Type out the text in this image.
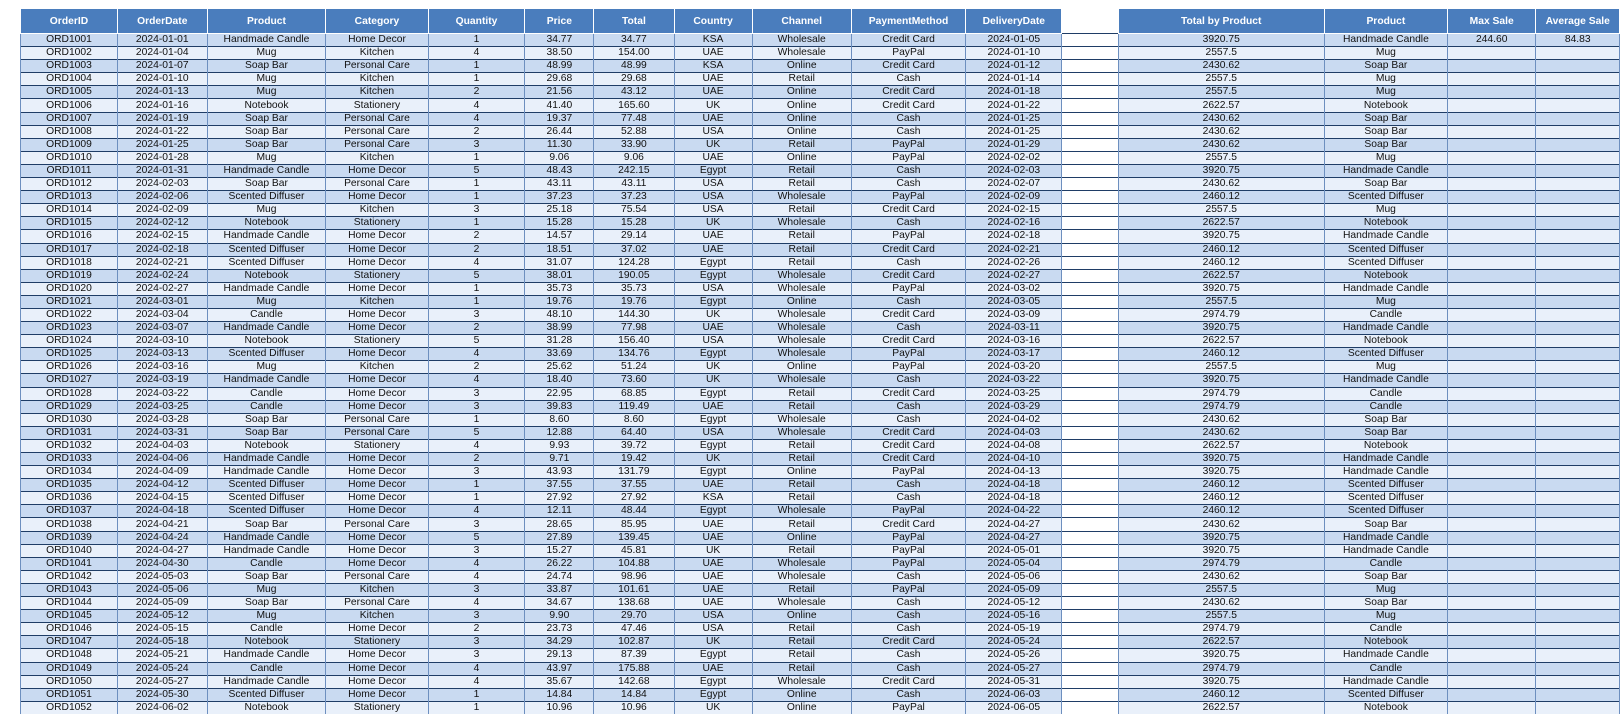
OrderID	OrderDate	Product	Category	Quantity	Price	Total	Country	Channel	PaymentMethod	DeliveryDate		Total by Product	Product	Max Sale	Average Sale
ORD1001	2024-01-01	Handmade Candle	Home Decor	1	34.77	34.77	KSA	Wholesale	Credit Card	2024-01-05		3920.75	Handmade Candle	244.60	84.83
ORD1002	2024-01-04	Mug	Kitchen	4	38.50	154.00	UAE	Wholesale	PayPal	2024-01-10		2557.5	Mug		
ORD1003	2024-01-07	Soap Bar	Personal Care	1	48.99	48.99	KSA	Online	Credit Card	2024-01-12		2430.62	Soap Bar		
ORD1004	2024-01-10	Mug	Kitchen	1	29.68	29.68	UAE	Retail	Cash	2024-01-14		2557.5	Mug		
ORD1005	2024-01-13	Mug	Kitchen	2	21.56	43.12	UAE	Online	Credit Card	2024-01-18		2557.5	Mug		
ORD1006	2024-01-16	Notebook	Stationery	4	41.40	165.60	UK	Online	Credit Card	2024-01-22		2622.57	Notebook		
ORD1007	2024-01-19	Soap Bar	Personal Care	4	19.37	77.48	UAE	Online	Cash	2024-01-25		2430.62	Soap Bar		
ORD1008	2024-01-22	Soap Bar	Personal Care	2	26.44	52.88	USA	Online	Cash	2024-01-25		2430.62	Soap Bar		
ORD1009	2024-01-25	Soap Bar	Personal Care	3	11.30	33.90	UK	Retail	PayPal	2024-01-29		2430.62	Soap Bar		
ORD1010	2024-01-28	Mug	Kitchen	1	9.06	9.06	UAE	Online	PayPal	2024-02-02		2557.5	Mug		
ORD1011	2024-01-31	Handmade Candle	Home Decor	5	48.43	242.15	Egypt	Retail	Cash	2024-02-03		3920.75	Handmade Candle		
ORD1012	2024-02-03	Soap Bar	Personal Care	1	43.11	43.11	USA	Retail	Cash	2024-02-07		2430.62	Soap Bar		
ORD1013	2024-02-06	Scented Diffuser	Home Decor	1	37.23	37.23	USA	Wholesale	PayPal	2024-02-09		2460.12	Scented Diffuser		
ORD1014	2024-02-09	Mug	Kitchen	3	25.18	75.54	USA	Retail	Credit Card	2024-02-15		2557.5	Mug		
ORD1015	2024-02-12	Notebook	Stationery	1	15.28	15.28	UK	Wholesale	Cash	2024-02-16		2622.57	Notebook		
ORD1016	2024-02-15	Handmade Candle	Home Decor	2	14.57	29.14	UAE	Retail	PayPal	2024-02-18		3920.75	Handmade Candle		
ORD1017	2024-02-18	Scented Diffuser	Home Decor	2	18.51	37.02	UAE	Retail	Credit Card	2024-02-21		2460.12	Scented Diffuser		
ORD1018	2024-02-21	Scented Diffuser	Home Decor	4	31.07	124.28	Egypt	Retail	Cash	2024-02-26		2460.12	Scented Diffuser		
ORD1019	2024-02-24	Notebook	Stationery	5	38.01	190.05	Egypt	Wholesale	Credit Card	2024-02-27		2622.57	Notebook		
ORD1020	2024-02-27	Handmade Candle	Home Decor	1	35.73	35.73	USA	Wholesale	PayPal	2024-03-02		3920.75	Handmade Candle		
ORD1021	2024-03-01	Mug	Kitchen	1	19.76	19.76	Egypt	Online	Cash	2024-03-05		2557.5	Mug		
ORD1022	2024-03-04	Candle	Home Decor	3	48.10	144.30	UK	Wholesale	Credit Card	2024-03-09		2974.79	Candle		
ORD1023	2024-03-07	Handmade Candle	Home Decor	2	38.99	77.98	UAE	Wholesale	Cash	2024-03-11		3920.75	Handmade Candle		
ORD1024	2024-03-10	Notebook	Stationery	5	31.28	156.40	USA	Wholesale	Credit Card	2024-03-16		2622.57	Notebook		
ORD1025	2024-03-13	Scented Diffuser	Home Decor	4	33.69	134.76	Egypt	Wholesale	PayPal	2024-03-17		2460.12	Scented Diffuser		
ORD1026	2024-03-16	Mug	Kitchen	2	25.62	51.24	UK	Online	PayPal	2024-03-20		2557.5	Mug		
ORD1027	2024-03-19	Handmade Candle	Home Decor	4	18.40	73.60	UK	Wholesale	Cash	2024-03-22		3920.75	Handmade Candle		
ORD1028	2024-03-22	Candle	Home Decor	3	22.95	68.85	Egypt	Retail	Credit Card	2024-03-25		2974.79	Candle		
ORD1029	2024-03-25	Candle	Home Decor	3	39.83	119.49	UAE	Retail	Cash	2024-03-29		2974.79	Candle		
ORD1030	2024-03-28	Soap Bar	Personal Care	1	8.60	8.60	Egypt	Wholesale	Cash	2024-04-02		2430.62	Soap Bar		
ORD1031	2024-03-31	Soap Bar	Personal Care	5	12.88	64.40	USA	Wholesale	Credit Card	2024-04-03		2430.62	Soap Bar		
ORD1032	2024-04-03	Notebook	Stationery	4	9.93	39.72	Egypt	Retail	Credit Card	2024-04-08		2622.57	Notebook		
ORD1033	2024-04-06	Handmade Candle	Home Decor	2	9.71	19.42	UK	Retail	Credit Card	2024-04-10		3920.75	Handmade Candle		
ORD1034	2024-04-09	Handmade Candle	Home Decor	3	43.93	131.79	Egypt	Online	PayPal	2024-04-13		3920.75	Handmade Candle		
ORD1035	2024-04-12	Scented Diffuser	Home Decor	1	37.55	37.55	UAE	Retail	Cash	2024-04-18		2460.12	Scented Diffuser		
ORD1036	2024-04-15	Scented Diffuser	Home Decor	1	27.92	27.92	KSA	Retail	Cash	2024-04-18		2460.12	Scented Diffuser		
ORD1037	2024-04-18	Scented Diffuser	Home Decor	4	12.11	48.44	Egypt	Wholesale	PayPal	2024-04-22		2460.12	Scented Diffuser		
ORD1038	2024-04-21	Soap Bar	Personal Care	3	28.65	85.95	UAE	Retail	Credit Card	2024-04-27		2430.62	Soap Bar		
ORD1039	2024-04-24	Handmade Candle	Home Decor	5	27.89	139.45	UAE	Online	PayPal	2024-04-27		3920.75	Handmade Candle		
ORD1040	2024-04-27	Handmade Candle	Home Decor	3	15.27	45.81	UK	Retail	PayPal	2024-05-01		3920.75	Handmade Candle		
ORD1041	2024-04-30	Candle	Home Decor	4	26.22	104.88	UAE	Wholesale	PayPal	2024-05-04		2974.79	Candle		
ORD1042	2024-05-03	Soap Bar	Personal Care	4	24.74	98.96	UAE	Wholesale	Cash	2024-05-06		2430.62	Soap Bar		
ORD1043	2024-05-06	Mug	Kitchen	3	33.87	101.61	UAE	Retail	PayPal	2024-05-09		2557.5	Mug		
ORD1044	2024-05-09	Soap Bar	Personal Care	4	34.67	138.68	UAE	Wholesale	Cash	2024-05-12		2430.62	Soap Bar		
ORD1045	2024-05-12	Mug	Kitchen	3	9.90	29.70	USA	Online	Cash	2024-05-16		2557.5	Mug		
ORD1046	2024-05-15	Candle	Home Decor	2	23.73	47.46	USA	Retail	Cash	2024-05-19		2974.79	Candle		
ORD1047	2024-05-18	Notebook	Stationery	3	34.29	102.87	UK	Retail	Credit Card	2024-05-24		2622.57	Notebook		
ORD1048	2024-05-21	Handmade Candle	Home Decor	3	29.13	87.39	Egypt	Retail	Cash	2024-05-26		3920.75	Handmade Candle		
ORD1049	2024-05-24	Candle	Home Decor	4	43.97	175.88	UAE	Retail	Cash	2024-05-27		2974.79	Candle		
ORD1050	2024-05-27	Handmade Candle	Home Decor	4	35.67	142.68	Egypt	Wholesale	Credit Card	2024-05-31		3920.75	Handmade Candle		
ORD1051	2024-05-30	Scented Diffuser	Home Decor	1	14.84	14.84	Egypt	Online	Cash	2024-06-03		2460.12	Scented Diffuser		
ORD1052	2024-06-02	Notebook	Stationery	1	10.96	10.96	UK	Online	PayPal	2024-06-05		2622.57	Notebook		
